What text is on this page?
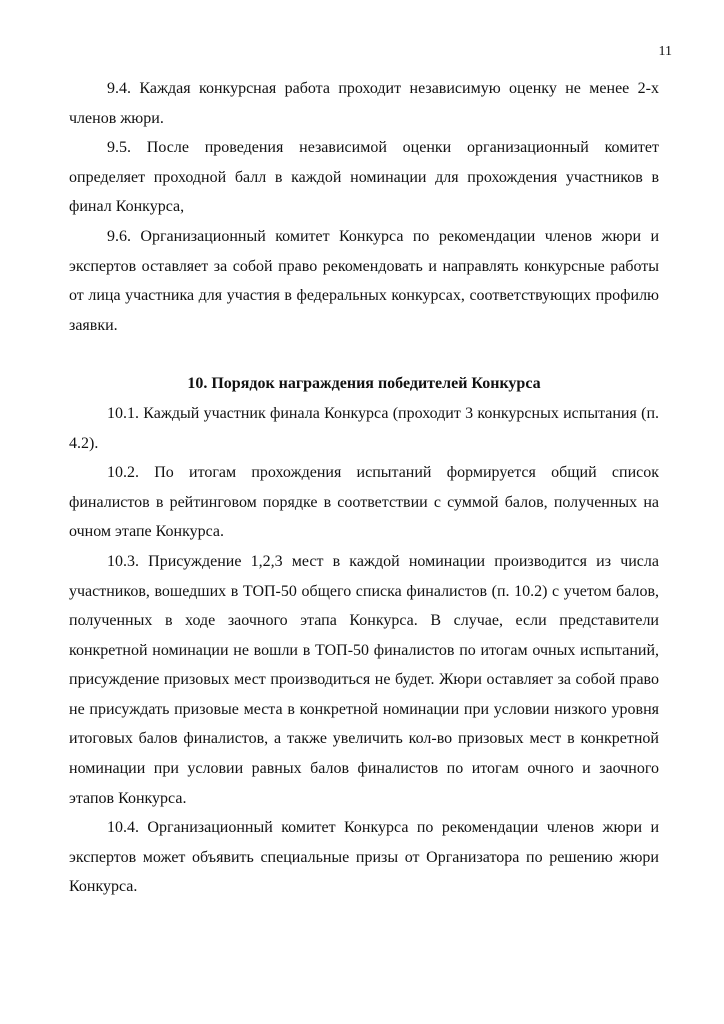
11

9.4. Каждая конкурсная работа проходит независимую оценку не менее 2-х членов жюри.

9.5. После проведения независимой оценки организационный комитет определяет проходной балл в каждой номинации для прохождения участников в финал Конкурса,

9.6. Организационный комитет Конкурса по рекомендации членов жюри и экспертов оставляет за собой право рекомендовать и направлять конкурсные работы от лица участника для участия в федеральных конкурсах, соответствующих профилю заявки.

10. Порядок награждения победителей Конкурса

10.1. Каждый участник финала Конкурса (проходит 3 конкурсных испытания (п. 4.2).

10.2. По итогам прохождения испытаний формируется общий список финалистов в рейтинговом порядке в соответствии с суммой балов, полученных на очном этапе Конкурса.

10.3. Присуждение 1,2,3 мест в каждой номинации производится из числа участников, вошедших в ТОП-50 общего списка финалистов (п. 10.2) с учетом балов, полученных в ходе заочного этапа Конкурса. В случае, если представители конкретной номинации не вошли в ТОП-50 финалистов по итогам очных испытаний, присуждение призовых мест производиться не будет. Жюри оставляет за собой право не присуждать призовые места в конкретной номинации при условии низкого уровня итоговых балов финалистов, а также увеличить кол-во призовых мест в конкретной номинации при условии равных балов финалистов по итогам очного и заочного этапов Конкурса.

10.4. Организационный комитет Конкурса по рекомендации членов жюри и экспертов может объявить специальные призы от Организатора по решению жюри Конкурса.
